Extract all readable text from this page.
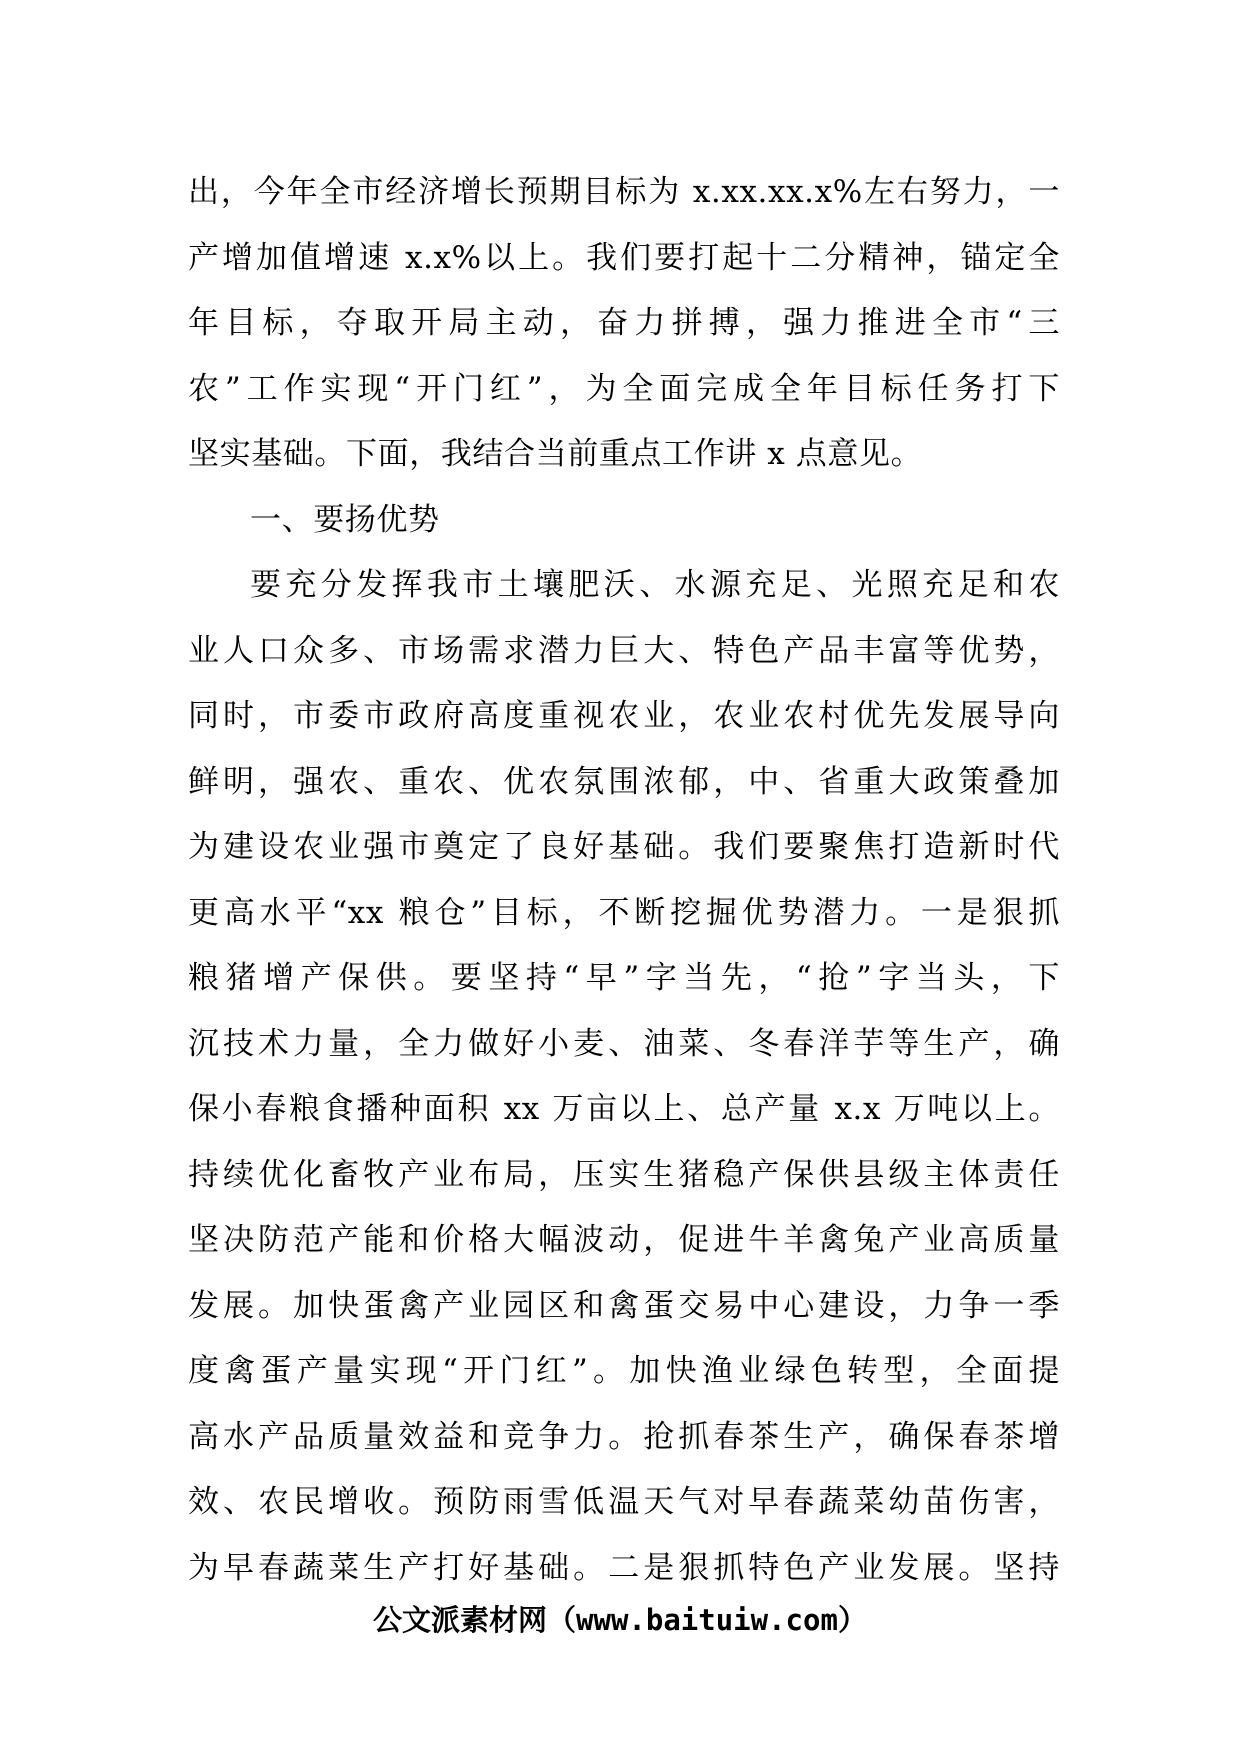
出，今年全市经济增长预期目标为 x.xx.xx.x%左右努力，一
产增加值增速 x.x%以上。我们要打起十二分精神，锚定全
年目标，夺取开局主动，奋力拼搏，强力推进全市“三
农”工作实现“开门红”，为全面完成全年目标任务打下
坚实基础。下面，我结合当前重点工作讲 x 点意见。
一、要扬优势
要充分发挥我市土壤肥沃、水源充足、光照充足和农
业人口众多、市场需求潜力巨大、特色产品丰富等优势，
同时，市委市政府高度重视农业，农业农村优先发展导向
鲜明，强农、重农、优农氛围浓郁，中、省重大政策叠加
为建设农业强市奠定了良好基础。我们要聚焦打造新时代
更高水平“xx 粮仓”目标，不断挖掘优势潜力。一是狠抓
粮猪增产保供。要坚持“早”字当先，“抢”字当头，下
沉技术力量，全力做好小麦、油菜、冬春洋芋等生产，确
保小春粮食播种面积 xx 万亩以上、总产量 x.x 万吨以上。
持续优化畜牧产业布局，压实生猪稳产保供县级主体责任
坚决防范产能和价格大幅波动，促进牛羊禽兔产业高质量
发展。加快蛋禽产业园区和禽蛋交易中心建设，力争一季
度禽蛋产量实现“开门红”。加快渔业绿色转型，全面提
高水产品质量效益和竞争力。抢抓春茶生产，确保春茶增
效、农民增收。预防雨雪低温天气对早春蔬菜幼苗伤害，
为早春蔬菜生产打好基础。二是狠抓特色产业发展。坚持
公文派素材网（www.baituiw.com）
